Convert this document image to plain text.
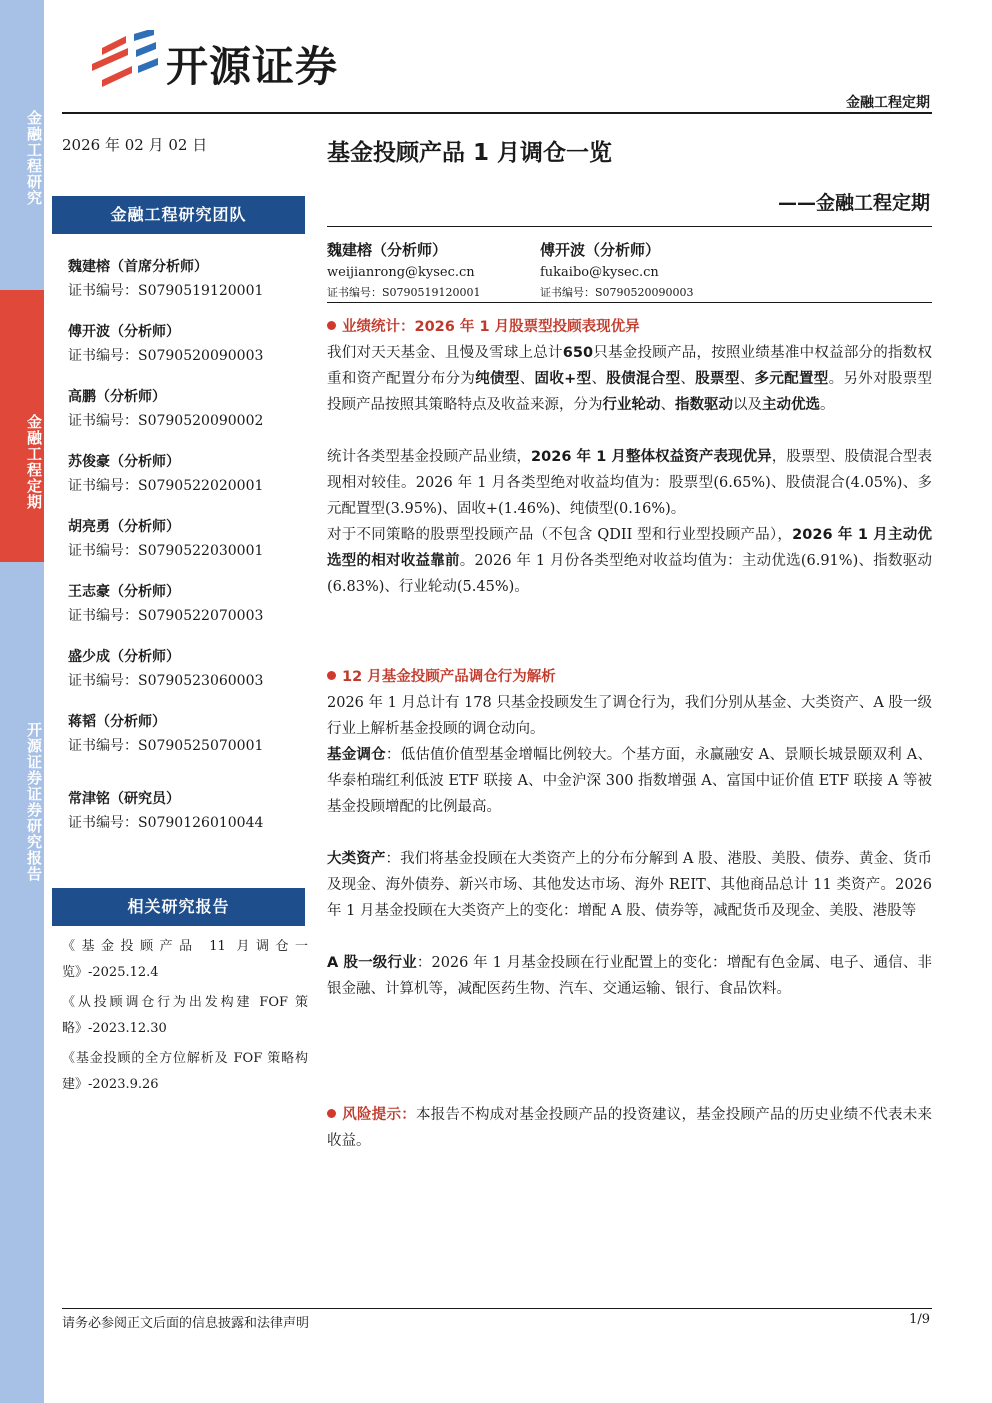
金融工程研究
金融工程定期
开源证券证券研究报告
开源证券
金融工程定期
2026 年 02 月 02 日
金融工程研究团队
魏建榕（首席分析师）
证书编号：S0790519120001
傅开波（分析师）
证书编号：S0790520090003
高鹏（分析师）
证书编号：S0790520090002
苏俊豪（分析师）
证书编号：S0790522020001
胡亮勇（分析师）
证书编号：S0790522030001
王志豪（分析师）
证书编号：S0790522070003
盛少成（分析师）
证书编号：S0790523060003
蒋韬（分析师）
证书编号：S0790525070001
常津铭（研究员）
证书编号：S0790126010044
相关研究报告
《基金投顾产品 11 月调仓一览》-2025.12.4
《从投顾调仓行为出发构建 FOF 策略》-2023.12.30
《基金投顾的全方位解析及 FOF 策略构建》-2023.9.26
基金投顾产品 1 月调仓一览
——金融工程定期
魏建榕（分析师）
weijianrong@kysec.cn
证书编号：S0790519120001
傅开波（分析师）
fukaibo@kysec.cn
证书编号：S0790520090003
业绩统计：2026 年 1 月股票型投顾表现优异

我们对天天基金、且慢及雪球上总计650只基金投顾产品，按照业绩基准中权益部分的指数权重和资产配置分布分为纯债型、固收+型、股债混合型、股票型、多元配置型。另外对股票型投顾产品按照其策略特点及收益来源，分为行业轮动、指数驱动以及主动优选。

统计各类型基金投顾产品业绩，2026 年 1 月整体权益资产表现优异，股票型、股债混合型表现相对较佳。2026 年 1 月各类型绝对收益均值为：股票型(6.65%)、股债混合(4.05%)、多元配置型(3.95%)、固收+(1.46%)、纯债型(0.16%)。

对于不同策略的股票型投顾产品（不包含 QDII 型和行业型投顾产品），2026 年 1 月主动优选型的相对收益靠前。2026 年 1 月份各类型绝对收益均值为：主动优选(6.91%)、指数驱动(6.83%)、行业轮动(5.45%)。

12 月基金投顾产品调仓行为解析

2026 年 1 月总计有 178 只基金投顾发生了调仓行为，我们分别从基金、大类资产、A 股一级行业上解析基金投顾的调仓动向。

基金调仓：低估值价值型基金增幅比例较大。个基方面，永赢融安 A、景顺长城景颐双利 A、华泰柏瑞红利低波 ETF 联接 A、中金沪深 300 指数增强 A、富国中证价值 ETF 联接 A 等被基金投顾增配的比例最高。

大类资产：我们将基金投顾在大类资产上的分布分解到 A 股、港股、美股、债券、黄金、货币及现金、海外债券、新兴市场、其他发达市场、海外 REIT、其他商品总计 11 类资产。2026 年 1 月基金投顾在大类资产上的变化：增配 A 股、债券等，减配货币及现金、美股、港股等

A 股一级行业：2026 年 1 月基金投顾在行业配置上的变化：增配有色金属、电子、通信、非银金融、计算机等，减配医药生物、汽车、交通运输、银行、食品饮料。

风险提示：本报告不构成对基金投顾产品的投资建议，基金投顾产品的历史业绩不代表未来收益。

请务必参阅正文后面的信息披露和法律声明	1/9
